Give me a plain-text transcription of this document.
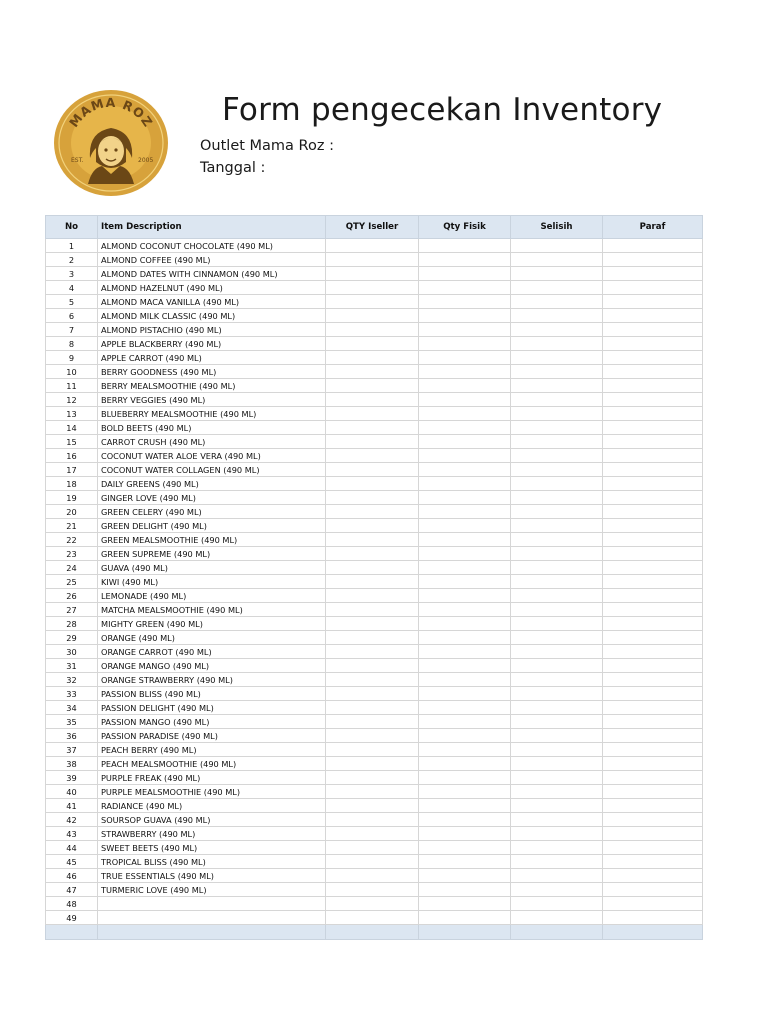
MAMA ROZ
EST.	2005
Form pengecekan Inventory
Outlet Mama Roz :
Tanggal :
No	Item Description	QTY Iseller	Qty Fisik	Selisih	Paraf
1	ALMOND COCONUT CHOCOLATE (490 ML)				
2	ALMOND COFFEE (490 ML)				
3	ALMOND DATES WITH CINNAMON (490 ML)				
4	ALMOND HAZELNUT (490 ML)				
5	ALMOND MACA VANILLA (490 ML)				
6	ALMOND MILK CLASSIC (490 ML)				
7	ALMOND PISTACHIO (490 ML)				
8	APPLE BLACKBERRY (490 ML)				
9	APPLE CARROT (490 ML)				
10	BERRY GOODNESS (490 ML)				
11	BERRY MEALSMOOTHIE (490 ML)				
12	BERRY VEGGIES (490 ML)				
13	BLUEBERRY MEALSMOOTHIE (490 ML)				
14	BOLD BEETS (490 ML)				
15	CARROT CRUSH (490 ML)				
16	COCONUT WATER ALOE VERA (490 ML)				
17	COCONUT WATER COLLAGEN (490 ML)				
18	DAILY GREENS (490 ML)				
19	GINGER LOVE (490 ML)				
20	GREEN CELERY (490 ML)				
21	GREEN DELIGHT (490 ML)				
22	GREEN MEALSMOOTHIE (490 ML)				
23	GREEN SUPREME (490 ML)				
24	GUAVA (490 ML)				
25	KIWI (490 ML)				
26	LEMONADE (490 ML)				
27	MATCHA MEALSMOOTHIE (490 ML)				
28	MIGHTY GREEN (490 ML)				
29	ORANGE (490 ML)				
30	ORANGE CARROT (490 ML)				
31	ORANGE MANGO (490 ML)				
32	ORANGE STRAWBERRY (490 ML)				
33	PASSION BLISS (490 ML)				
34	PASSION DELIGHT (490 ML)				
35	PASSION MANGO (490 ML)				
36	PASSION PARADISE (490 ML)				
37	PEACH BERRY (490 ML)				
38	PEACH MEALSMOOTHIE (490 ML)				
39	PURPLE FREAK (490 ML)				
40	PURPLE MEALSMOOTHIE (490 ML)				
41	RADIANCE (490 ML)				
42	SOURSOP GUAVA (490 ML)				
43	STRAWBERRY (490 ML)				
44	SWEET BEETS (490 ML)				
45	TROPICAL BLISS (490 ML)				
46	TRUE ESSENTIALS (490 ML)				
47	TURMERIC LOVE (490 ML)				
48					
49					
